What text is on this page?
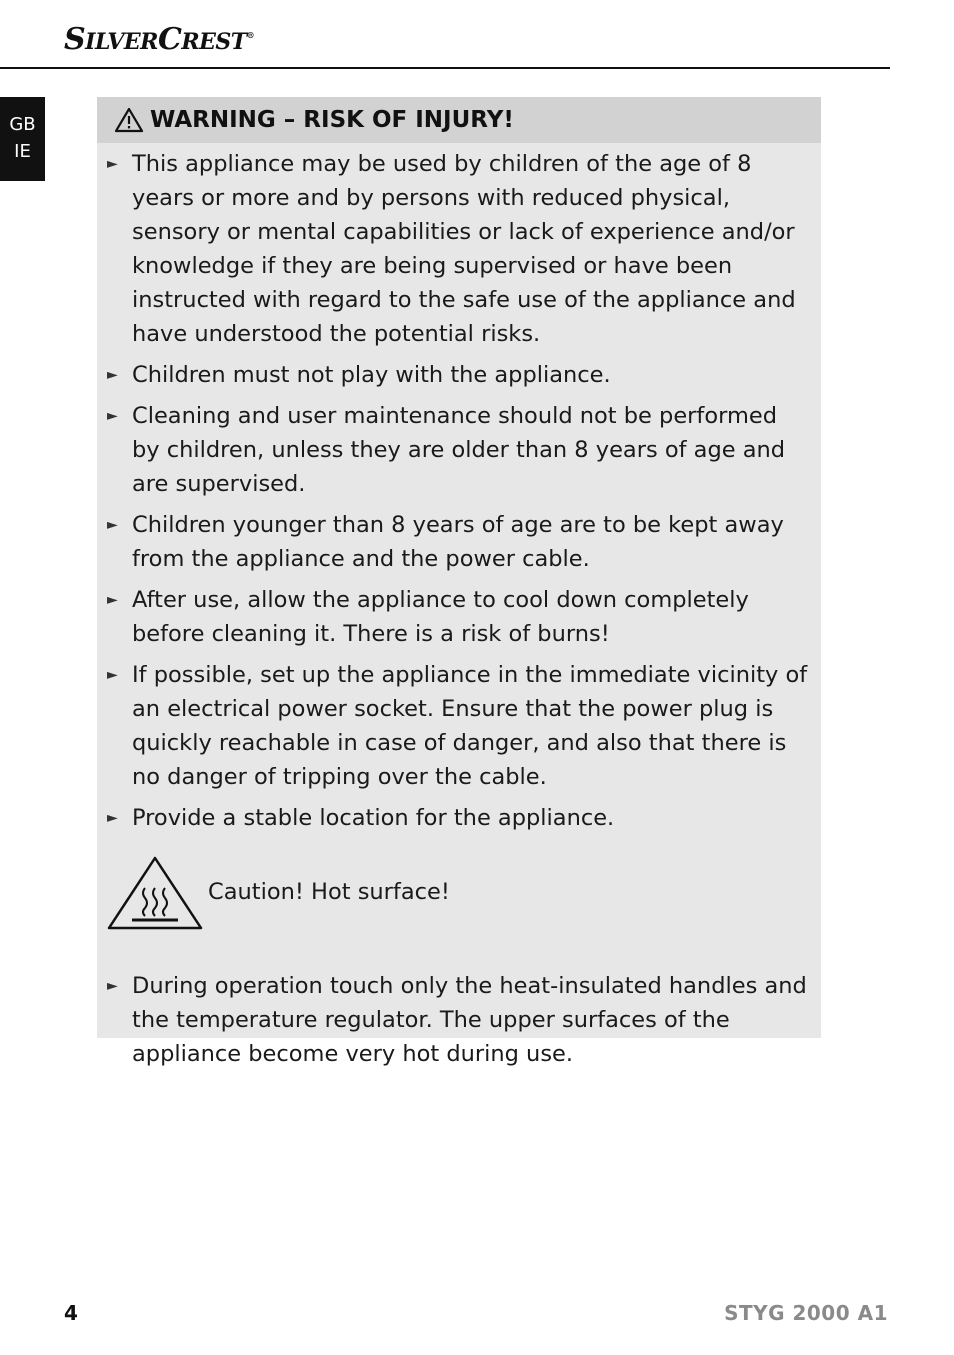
SILVERCREST®
GB
IE
WARNING – RISK OF INJURY!
► This appliance may be used by children of the age of 8 years or more and by persons with reduced physical, sensory or mental capabilities or lack of experience and/or knowledge if they are being supervised or have been instructed with regard to the safe use of the appliance and have understood the potential risks.
► Children must not play with the appliance.
► Cleaning and user maintenance should not be performed by children, unless they are older than 8 years of age and are supervised.
► Children younger than 8 years of age are to be kept away from the appliance and the power cable.
► After use, allow the appliance to cool down completely before cleaning it. There is a risk of burns!
► If possible, set up the appliance in the immediate vicinity of an electrical power socket. Ensure that the power plug is quickly reachable in case of danger, and also that there is no danger of tripping over the cable.
► Provide a stable location for the appliance.
Caution! Hot surface!
► During operation touch only the heat-insulated handles and the temperature regulator. The upper surfaces of the appliance become very hot during use.
4	STYG 2000 A1
